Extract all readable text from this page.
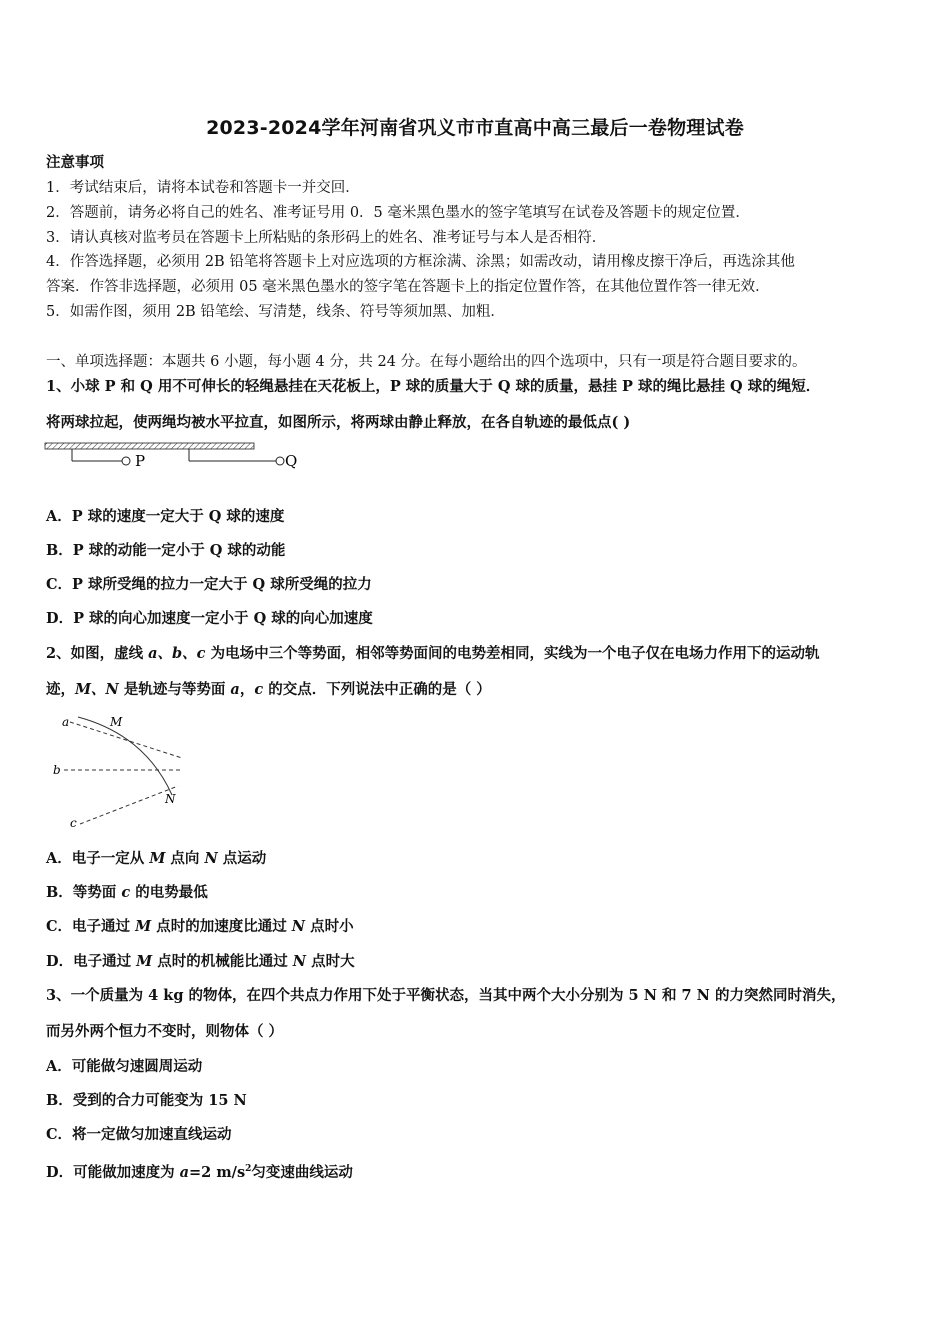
2023-2024学年河南省巩义市市直高中高三最后一卷物理试卷
注意事项
1．考试结束后，请将本试卷和答题卡一并交回．
2．答题前，请务必将自己的姓名、准考证号用 0．5 毫米黑色墨水的签字笔填写在试卷及答题卡的规定位置．
3．请认真核对监考员在答题卡上所粘贴的条形码上的姓名、准考证号与本人是否相符．
4．作答选择题，必须用 2B 铅笔将答题卡上对应选项的方框涂满、涂黑；如需改动，请用橡皮擦干净后，再选涂其他
答案．作答非选择题，必须用 05 毫米黑色墨水的签字笔在答题卡上的指定位置作答，在其他位置作答一律无效．
5．如需作图，须用 2B 铅笔绘、写清楚，线条、符号等须加黑、加粗．
一、单项选择题：本题共 6 小题，每小题 4 分，共 24 分。在每小题给出的四个选项中，只有一项是符合题目要求的。
1、小球 P 和 Q 用不可伸长的轻绳悬挂在天花板上，P 球的质量大于 Q 球的质量，悬挂 P 球的绳比悬挂 Q 球的绳短．
将两球拉起，使两绳均被水平拉直，如图所示，将两球由静止释放，在各自轨迹的最低点( )
P	Q
A．P 球的速度一定大于 Q 球的速度
B．P 球的动能一定小于 Q 球的动能
C．P 球所受绳的拉力一定大于 Q 球所受绳的拉力
D．P 球的向心加速度一定小于 Q 球的向心加速度
2、如图，虚线 a、b、c 为电场中三个等势面，相邻等势面间的电势差相同，实线为一个电子仅在电场力作用下的运动轨
迹，M、N 是轨迹与等势面 a，c 的交点．下列说法中正确的是（ ）
a	M
b
N
c
A．电子一定从 M 点向 N 点运动
B．等势面 c 的电势最低
C．电子通过 M 点时的加速度比通过 N 点时小
D．电子通过 M 点时的机械能比通过 N 点时大
3、一个质量为 4 kg 的物体，在四个共点力作用下处于平衡状态，当其中两个大小分别为 5 N 和 7 N 的力突然同时消失，
而另外两个恒力不变时，则物体（ ）
A．可能做匀速圆周运动
B．受到的合力可能变为 15 N
C．将一定做匀加速直线运动
D．可能做加速度为 a=2 $m/s^2$匀变速曲线运动
